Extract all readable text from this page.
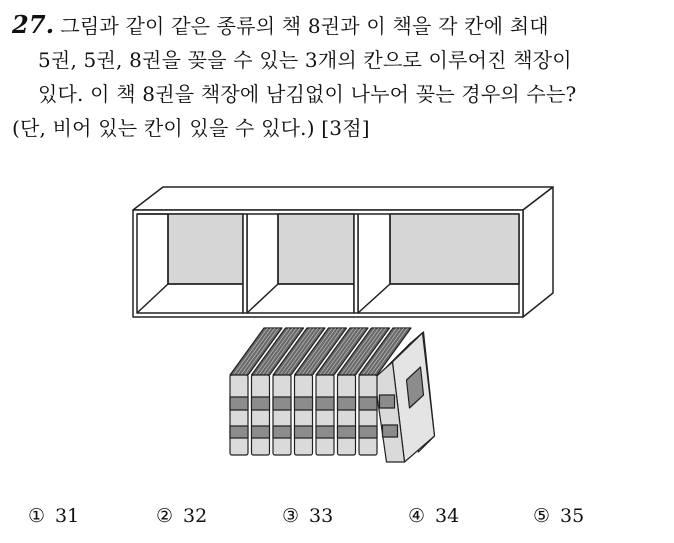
27. 그림과 같이 같은 종류의 책 8권과 이 책을 각 칸에 최대
5권, 5권, 8권을 꽂을 수 있는 3개의 칸으로 이루어진 책장이
있다. 이 책 8권을 책장에 남김없이 나누어 꽂는 경우의 수는?
(단, 비어 있는 칸이 있을 수 있다.) [3점]
① 31	② 32	③ 33	④ 34	⑤ 35
